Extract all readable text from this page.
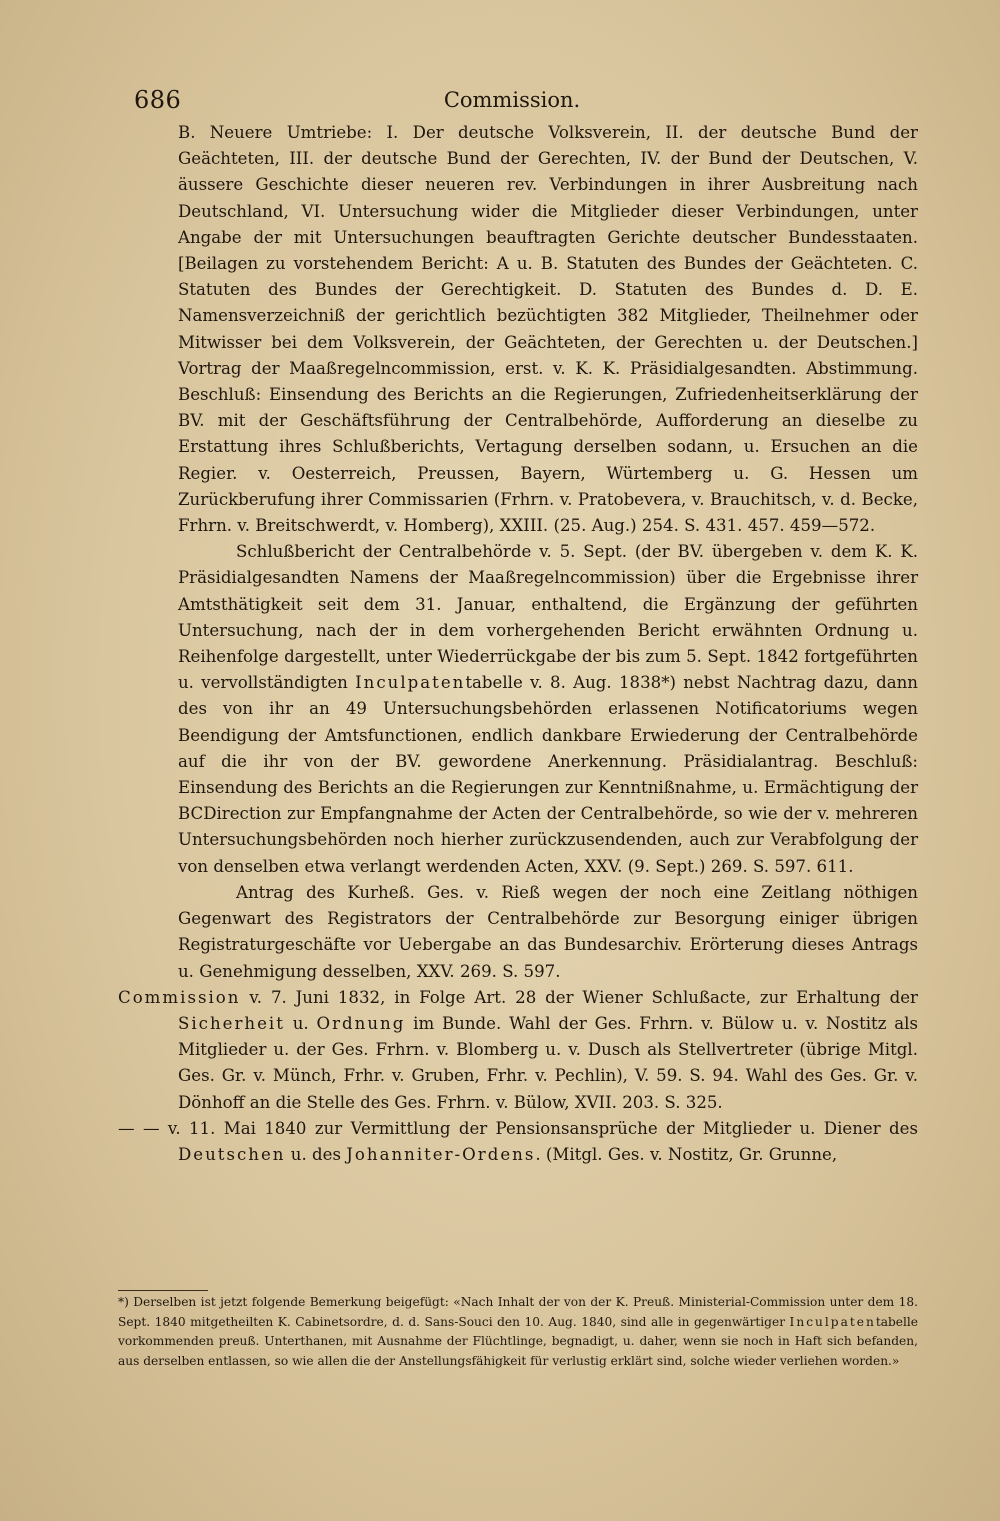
686	Commission.

B. Neuere Umtriebe: I. Der deutsche Volksverein, II. der deutsche Bund der Geächteten, III. der deutsche Bund der Gerechten, IV. der Bund der Deutschen, V. äussere Geschichte dieser neueren rev. Verbindungen in ihrer Ausbreitung nach Deutschland, VI. Untersuchung wider die Mitglieder dieser Verbindungen, unter Angabe der mit Untersuchungen beauftragten Gerichte deutscher Bundesstaaten. [Beilagen zu vorstehendem Bericht: A u. B. Statuten des Bundes der Geächteten. C. Statuten des Bundes der Gerechtigkeit. D. Statuten des Bundes d. D. E. Namensverzeichniß der gerichtlich bezüchtigten 382 Mitglieder, Theilnehmer oder Mitwisser bei dem Volksverein, der Geächteten, der Gerechten u. der Deutschen.] Vortrag der Maaßregelncommission, erst. v. K. K. Präsidialgesandten. Abstimmung. Beschluß: Einsendung des Berichts an die Regierungen, Zufriedenheitserklärung der BV. mit der Geschäftsführung der Centralbehörde, Aufforderung an dieselbe zu Erstattung ihres Schlußberichts, Vertagung derselben sodann, u. Ersuchen an die Regier. v. Oesterreich, Preussen, Bayern, Würtemberg u. G. Hessen um Zurückberufung ihrer Commissarien (Frhrn. v. Pratobevera, v. Brauchitsch, v. d. Becke, Frhrn. v. Breitschwerdt, v. Homberg), XXIII. (25. Aug.) 254. S. 431. 457. 459—572.

Schlußbericht der Centralbehörde v. 5. Sept. (der BV. übergeben v. dem K. K. Präsidialgesandten Namens der Maaßregelncommission) über die Ergebnisse ihrer Amtsthätigkeit seit dem 31. Januar, enthaltend, die Ergänzung der geführten Untersuchung, nach der in dem vorhergehenden Bericht erwähnten Ordnung u. Reihenfolge dargestellt, unter Wiederrückgabe der bis zum 5. Sept. 1842 fortgeführten u. vervollständigten Inculpatentabelle v. 8. Aug. 1838*) nebst Nachtrag dazu, dann des von ihr an 49 Untersuchungsbehörden erlassenen Notificatoriums wegen Beendigung der Amtsfunctionen, endlich dankbare Erwiederung der Centralbehörde auf die ihr von der BV. gewordene Anerkennung. Präsidialantrag. Beschluß: Einsendung des Berichts an die Regierungen zur Kenntnißnahme, u. Ermächtigung der BCDirection zur Empfangnahme der Acten der Centralbehörde, so wie der v. mehreren Untersuchungsbehörden noch hierher zurückzusendenden, auch zur Verabfolgung der von denselben etwa verlangt werdenden Acten, XXV. (9. Sept.) 269. S. 597. 611.

Antrag des Kurheß. Ges. v. Rieß wegen der noch eine Zeitlang nöthigen Gegenwart des Registrators der Centralbehörde zur Besorgung einiger übrigen Registraturgeschäfte vor Uebergabe an das Bundesarchiv. Erörterung dieses Antrags u. Genehmigung desselben, XXV. 269. S. 597.

Commission v. 7. Juni 1832, in Folge Art. 28 der Wiener Schlußacte, zur Erhaltung der Sicherheit u. Ordnung im Bunde. Wahl der Ges. Frhrn. v. Bülow u. v. Nostitz als Mitglieder u. der Ges. Frhrn. v. Blomberg u. v. Dusch als Stellvertreter (übrige Mitgl. Ges. Gr. v. Münch, Frhr. v. Gruben, Frhr. v. Pechlin), V. 59. S. 94. Wahl des Ges. Gr. v. Dönhoff an die Stelle des Ges. Frhrn. v. Bülow, XVII. 203. S. 325.

— — v. 11. Mai 1840 zur Vermittlung der Pensionsansprüche der Mitglieder u. Diener des Deutschen u. des Johanniter-Ordens. (Mitgl. Ges. v. Nostitz, Gr. Grunne,

*) Derselben ist jetzt folgende Bemerkung beigefügt: «Nach Inhalt der von der K. Preuß. Ministerial-Commission unter dem 18. Sept. 1840 mitgetheilten K. Cabinetsordre, d. d. Sans-Souci den 10. Aug. 1840, sind alle in gegenwärtiger Inculpatentabelle vorkommenden preuß. Unterthanen, mit Ausnahme der Flüchtlinge, begnadigt, u. daher, wenn sie noch in Haft sich befanden, aus derselben entlassen, so wie allen die der Anstellungsfähigkeit für verlustig erklärt sind, solche wieder verliehen worden.»
